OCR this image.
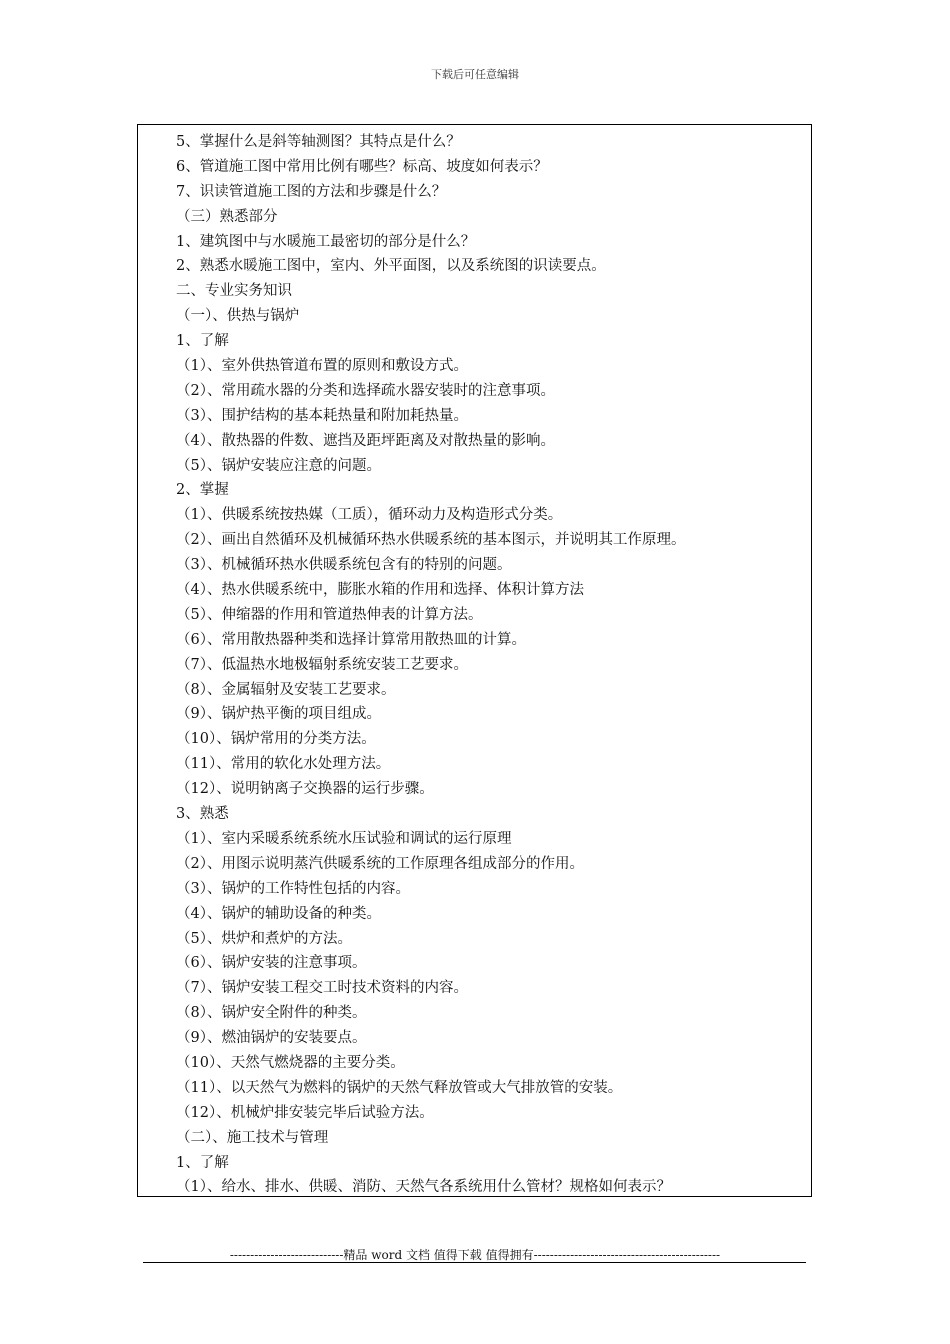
下载后可任意编辑
5、掌握什么是斜等轴测图？其特点是什么？
6、管道施工图中常用比例有哪些？标高、坡度如何表示？
7、识读管道施工图的方法和步骤是什么？
（三）熟悉部分
1、建筑图中与水暖施工最密切的部分是什么？
2、熟悉水暖施工图中，室内、外平面图，以及系统图的识读要点。
二、专业实务知识
（一）、供热与锅炉
1、了解
（1）、室外供热管道布置的原则和敷设方式。
（2）、常用疏水器的分类和选择疏水器安装时的注意事项。
（3）、围护结构的基本耗热量和附加耗热量。
（4）、散热器的件数、遮挡及距坪距离及对散热量的影响。
（5）、锅炉安装应注意的问题。
2、掌握
（1）、供暖系统按热媒（工质），循环动力及构造形式分类。
（2）、画出自然循环及机械循环热水供暖系统的基本图示，并说明其工作原理。
（3）、机械循环热水供暖系统包含有的特别的问题。
（4）、热水供暖系统中，膨胀水箱的作用和选择、体积计算方法
（5）、伸缩器的作用和管道热伸表的计算方法。
（6）、常用散热器种类和选择计算常用散热皿的计算。
（7）、低温热水地极辐射系统安装工艺要求。
（8）、金属辐射及安装工艺要求。
（9）、锅炉热平衡的项目组成。
（10）、锅炉常用的分类方法。
（11）、常用的软化水处理方法。
（12）、说明钠离子交换器的运行步骤。
3、熟悉
（1）、室内采暖系统系统水压试验和调试的运行原理
（2）、用图示说明蒸汽供暖系统的工作原理各组成部分的作用。
（3）、锅炉的工作特性包括的内容。
（4）、锅炉的辅助设备的种类。
（5）、烘炉和煮炉的方法。
（6）、锅炉安装的注意事项。
（7）、锅炉安装工程交工时技术资料的内容。
（8）、锅炉安全附件的种类。
（9）、燃油锅炉的安装要点。
（10）、天然气燃烧器的主要分类。
（11）、以天然气为燃料的锅炉的天然气释放管或大气排放管的安装。
（12）、机械炉排安装完毕后试验方法。
（二）、施工技术与管理
1、了解
（1）、给水、排水、供暖、消防、天然气各系统用什么管材？规格如何表示？
----------------------------精品 word 文档 值得下载 值得拥有----------------------------------------------
